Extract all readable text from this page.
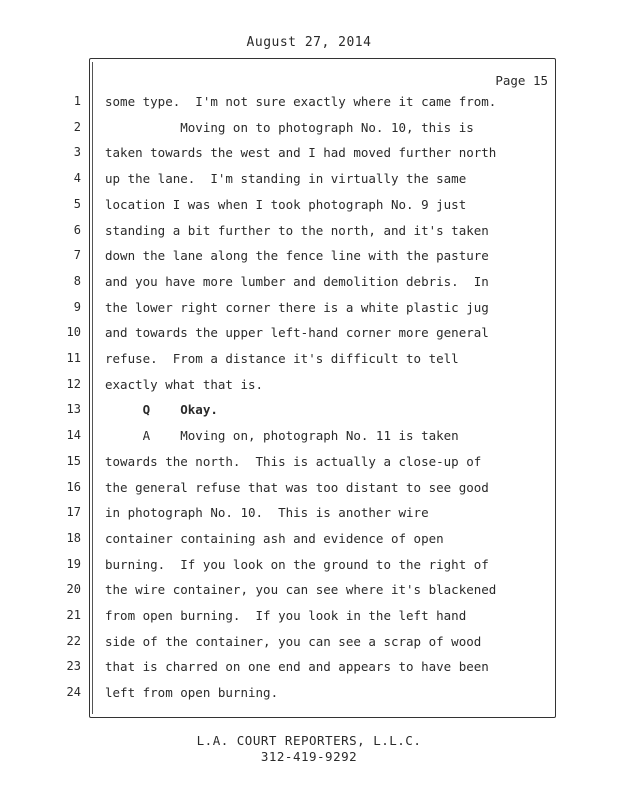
August 27, 2014
Page 15
1 some type.  I'm not sure exactly where it came from.
2 Moving on to photograph No. 10, this is
3 taken towards the west and I had moved further north
4 up the lane.  I'm standing in virtually the same
5 location I was when I took photograph No. 9 just
6 standing a bit further to the north, and it's taken
7 down the lane along the fence line with the pasture
8 and you have more lumber and demolition debris.  In
9 the lower right corner there is a white plastic jug
10 and towards the upper left-hand corner more general
11 refuse.  From a distance it's difficult to tell
12 exactly what that is.
13 Q    Okay.
14 A    Moving on, photograph No. 11 is taken
15 towards the north.  This is actually a close-up of
16 the general refuse that was too distant to see good
17 in photograph No. 10.  This is another wire
18 container containing ash and evidence of open
19 burning.  If you look on the ground to the right of
20 the wire container, you can see where it's blackened
21 from open burning.  If you look in the left hand
22 side of the container, you can see a scrap of wood
23 that is charred on one end and appears to have been
24 left from open burning.
L.A. COURT REPORTERS, L.L.C.
312-419-9292
